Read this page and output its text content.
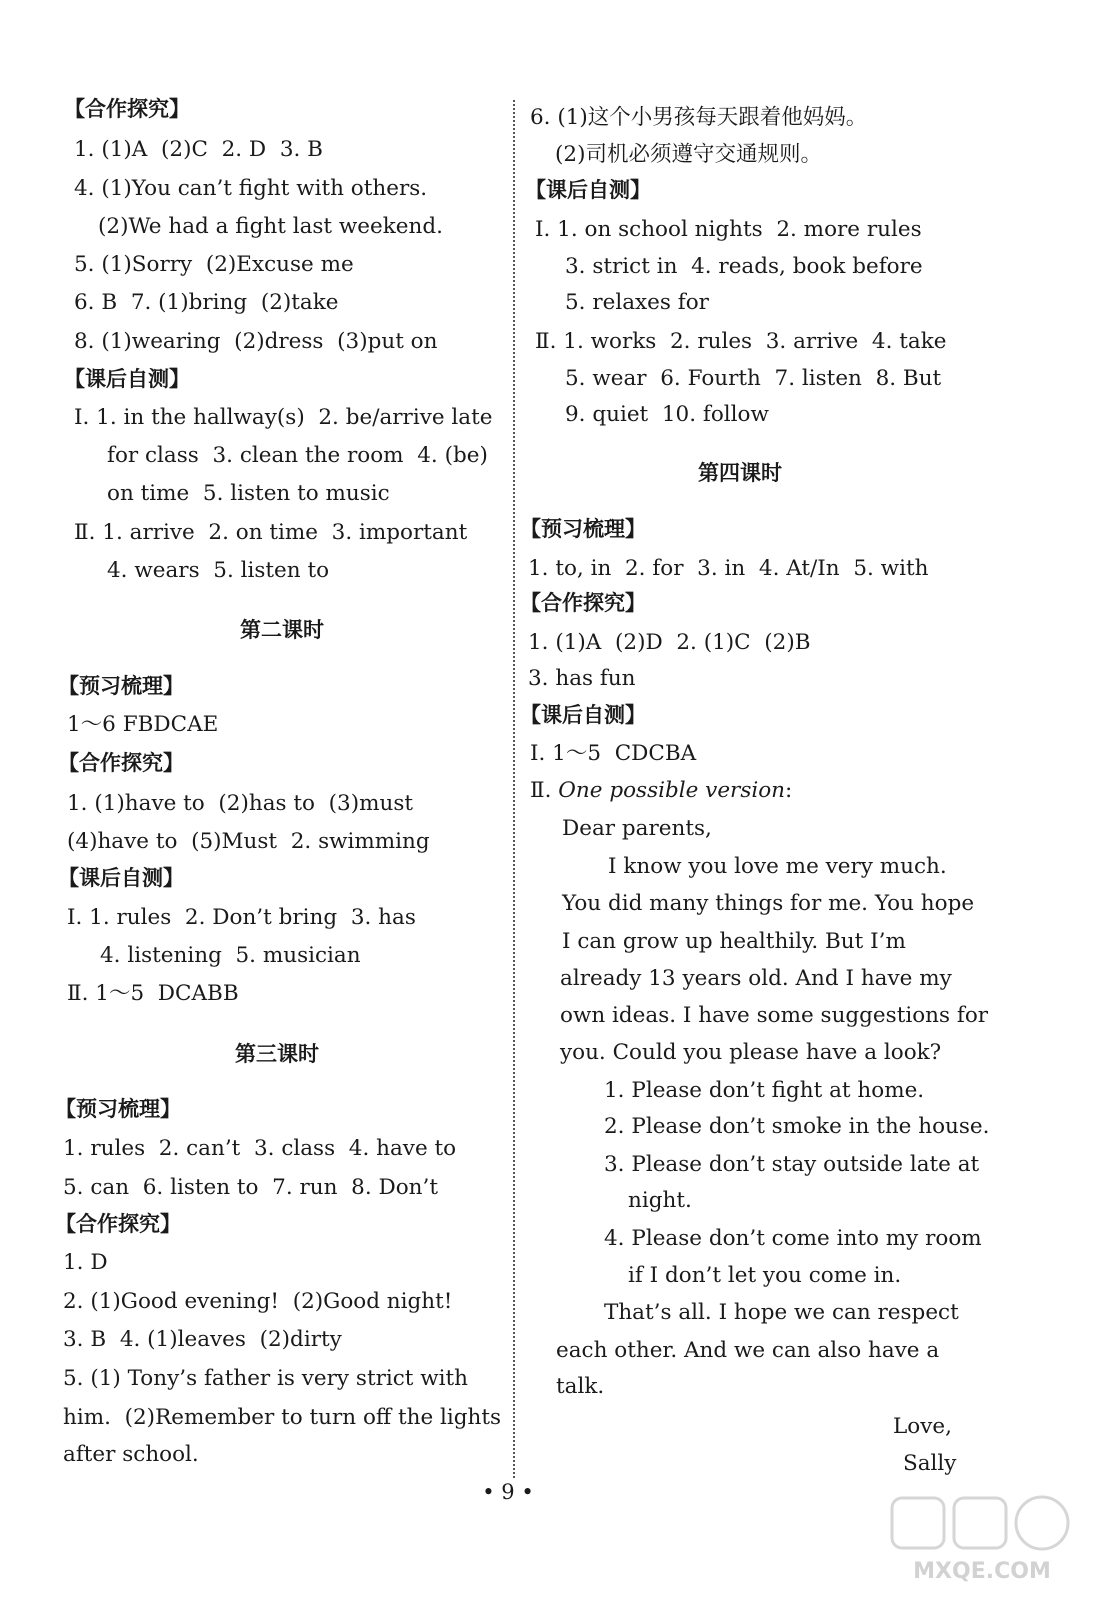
【合作探究】
1. (1)A  (2)C  2. D  3. B
4. (1)You can’t fight with others.
(2)We had a fight last weekend.
5. (1)Sorry  (2)Excuse me
6. B  7. (1)bring  (2)take
8. (1)wearing  (2)dress  (3)put on
【课后自测】
Ⅰ. 1. in the hallway(s)  2. be/arrive late
for class  3. clean the room  4. (be)
on time  5. listen to music
Ⅱ. 1. arrive  2. on time  3. important
4. wears  5. listen to
第二课时
【预习梳理】
1～6 FBDCAE
【合作探究】
1. (1)have to  (2)has to  (3)must
(4)have to  (5)Must  2. swimming
【课后自测】
Ⅰ. 1. rules  2. Don’t bring  3. has
4. listening  5. musician
Ⅱ. 1～5  DCABB
第三课时
【预习梳理】
1. rules  2. can’t  3. class  4. have to
5. can  6. listen to  7. run  8. Don’t
【合作探究】
1. D
2. (1)Good evening!  (2)Good night!
3. B  4. (1)leaves  (2)dirty
5. (1) Tony’s father is very strict with
him.  (2)Remember to turn off the lights
after school.
6. (1)这个小男孩每天跟着他妈妈。
(2)司机必须遵守交通规则。
【课后自测】
Ⅰ. 1. on school nights  2. more rules
3. strict in  4. reads, book before
5. relaxes for
Ⅱ. 1. works  2. rules  3. arrive  4. take
5. wear  6. Fourth  7. listen  8. But
9. quiet  10. follow
第四课时
【预习梳理】
1. to, in  2. for  3. in  4. At/In  5. with
【合作探究】
1. (1)A  (2)D  2. (1)C  (2)B
3. has fun
【课后自测】
Ⅰ. 1～5  CDCBA
Ⅱ. One possible version:
Dear parents,
I know you love me very much.
You did many things for me. You hope
I can grow up healthily. But I’m
already 13 years old. And I have my
own ideas. I have some suggestions for
you. Could you please have a look?
1. Please don’t fight at home.
2. Please don’t smoke in the house.
3. Please don’t stay outside late at
night.
4. Please don’t come into my room
if I don’t let you come in.
That’s all. I hope we can respect
each other. And we can also have a
talk.
Love,
Sally
• 9 •
MXQE.COM
